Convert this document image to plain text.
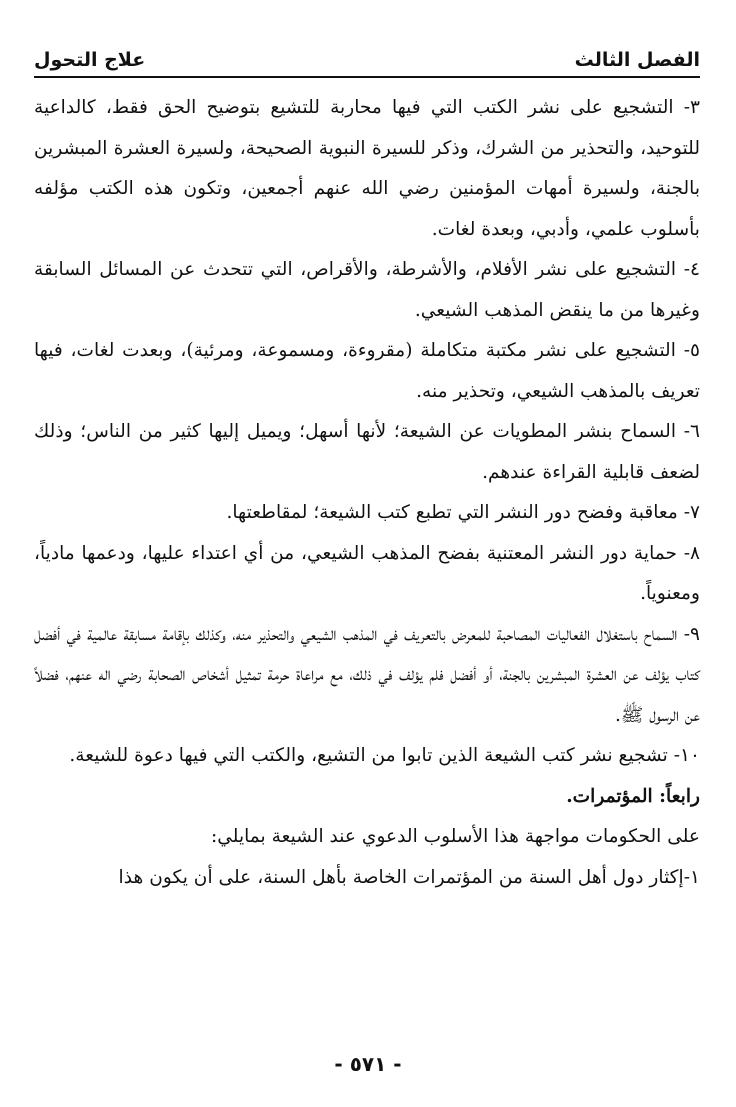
الفصل الثالث
علاج التحول

٣- التشجيع على نشر الكتب التي فيها محاربة للتشيع بتوضيح الحق فقط، كالداعية للتوحيد، والتحذير من الشرك، وذكر للسيرة النبوية الصحيحة، ولسيرة العشرة المبشرين بالجنة، ولسيرة أمهات المؤمنين رضي الله عنهم أجمعين، وتكون هذه الكتب مؤلفه بأسلوب علمي، وأدبي، وبعدة لغات.

٤- التشجيع على نشر الأفلام، والأشرطة، والأقراص، التي تتحدث عن المسائل السابقة وغيرها من ما ينقض المذهب الشيعي.

٥- التشجيع على نشر مكتبة متكاملة (مقروءة، ومسموعة، ومرئية)، وبعدت لغات، فيها تعريف بالمذهب الشيعي، وتحذير منه.

٦- السماح بنشر المطويات عن الشيعة؛ لأنها أسهل؛ ويميل إليها كثير من الناس؛ وذلك لضعف قابلية القراءة عندهم.

٧- معاقبة وفضح دور النشر التي تطبع كتب الشيعة؛ لمقاطعتها.

٨- حماية دور النشر المعتنية بفضح المذهب الشيعي، من أي اعتداء عليها، ودعمها مادياً، ومعنوياً.

٩- السماح باستغلال الفعاليات المصاحبة للمعرض بالتعريف في المذهب الشيعي والتحذير منه، وكذلك بإقامة مسابقة عالمية في أفضل كتاب يؤلف عن العشرة المبشرين بالجنة، أو أفضل فلم يؤلف في ذلك، مع مراعاة حرمة تمثيل أشخاص الصحابة رضي اله عنهم، فضلاً عن الرسول ﷺ.

١٠- تشجيع نشر كتب الشيعة الذين تابوا من التشيع، والكتب التي فيها دعوة للشيعة.

رابعاً: المؤتمرات.

على الحكومات مواجهة هذا الأسلوب الدعوي عند الشيعة بمايلي:

١-إكثار دول أهل السنة من المؤتمرات الخاصة بأهل السنة، على أن يكون هذا

- ٥٧١ -
